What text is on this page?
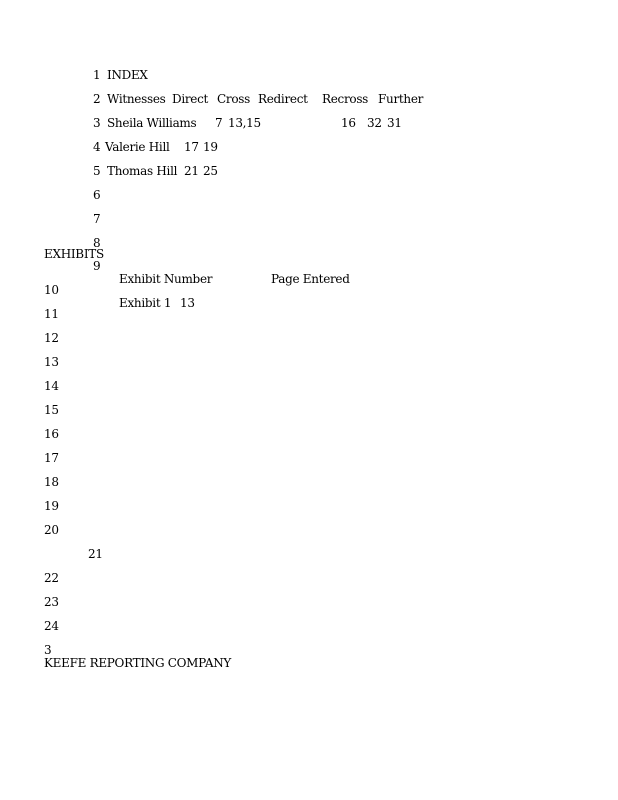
1
2
3
4
5
6
7
8
9
10
11
12
13
14
15
16
17
18
19
20
21
22
23
24
3
INDEX
Witnesses Direct Cross Redirect Recross Further
Sheila Williams 7 13,15	16 32 31
Valerie Hill 17 19
Thomas Hill 21 25
EXHIBITS
Exhibit Number	Page Entered
Exhibit 1 13
KEEFE REPORTING COMPANY
